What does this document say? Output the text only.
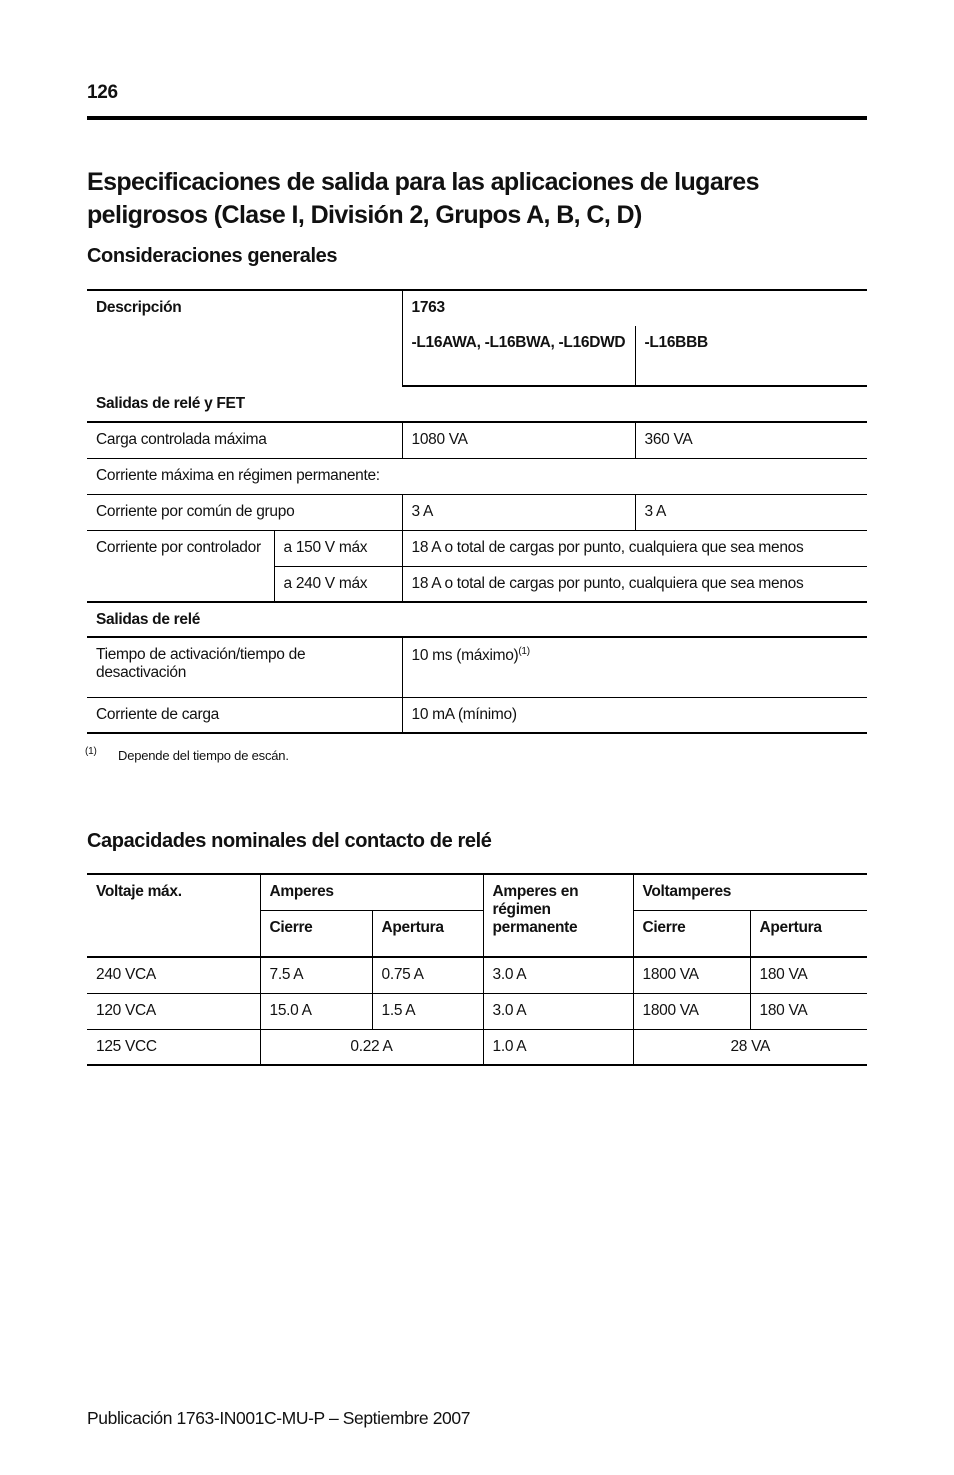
126
Especificaciones de salida para las aplicaciones de lugares peligrosos (Clase I, División 2, Grupos A, B, C, D)
Consideraciones generales
Descripción		1763	
		-L16AWA, -L16BWA, -L16DWD	-L16BBB
Salidas de relé y FET			
Carga controlada máxima		1080 VA	360 VA
Corriente máxima en régimen permanente:			
Corriente por común de grupo		3 A	3 A
Corriente por controlador	a 150 V máx	18 A o total de cargas por punto, cualquiera que sea menos	
	a 240 V máx	18 A o total de cargas por punto, cualquiera que sea menos	
Salidas de relé			
Tiempo de activación/tiempo de desactivación		10 ms (máximo)$^{(1)}$
Corriente de carga		10 mA (mínimo)	
$^{(1)}$ Depende del tiempo de escán.
Capacidades nominales del contacto de relé
Voltaje máx.	Amperes		Amperes en régimen permanente	Voltamperes	
	Cierre	Apertura		Cierre	Apertura
240 VCA	7.5 A	0.75 A	3.0 A	1800 VA	180 VA
120 VCA	15.0 A	1.5 A	3.0 A	1800 VA	180 VA
125 VCC	0.22 A		1.0 A	28 VA	
Publicación 1763-IN001C-MU-P – Septiembre 2007
